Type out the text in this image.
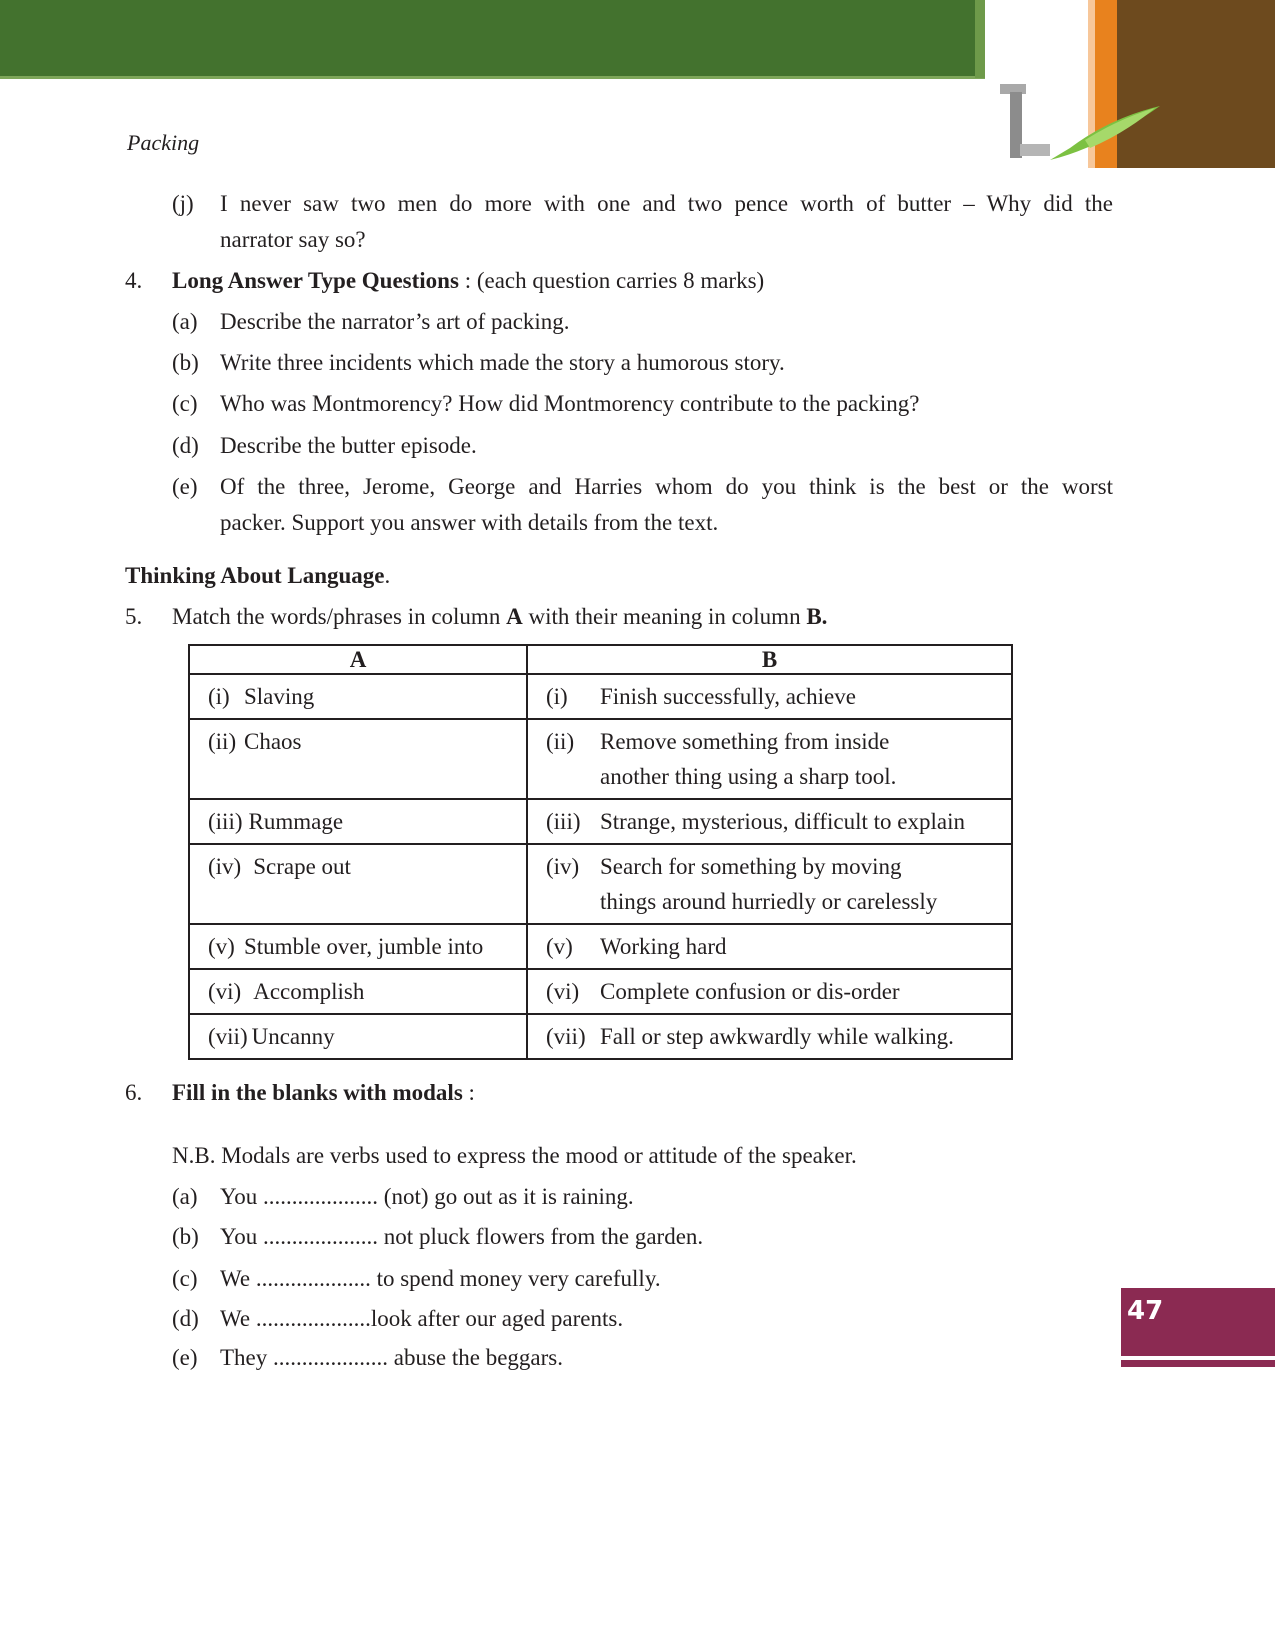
Packing
(j) I never saw two men do more with one and two pence worth of butter – Why did the
narrator say so?
4. Long Answer Type Questions : (each question carries 8 marks)
(a) Describe the narrator’s art of packing.
(b) Write three incidents which made the story a humorous story.
(c) Who was Montmorency? How did Montmorency contribute to the packing?
(d) Describe the butter episode.
(e) Of the three, Jerome, George and Harries whom do you think is the best or the worst
packer. Support you answer with details from the text.
Thinking About Language.
5. Match the words/phrases in column A with their meaning in column B.
A	B

(i) Slaving	(i) Finish successfully, achieve

(ii) Chaos	(ii) Remove something from inside
another thing using a sharp tool.

(iii) Rummage	(iii) Strange, mysterious, difficult to explain

(iv) Scrape out	(iv) Search for something by moving
things around hurriedly or carelessly

(v) Stumble over, jumble into	(v) Working hard

(vi) Accomplish	(vi) Complete confusion or dis-order

(vii) Uncanny	(vii) Fall or step awkwardly while walking.
6. Fill in the blanks with modals :
N.B. Modals are verbs used to express the mood or attitude of the speaker.
(a) You .................... (not) go out as it is raining.
(b) You .................... not pluck flowers from the garden.
(c) We .................... to spend money very carefully.
(d) We ....................look after our aged parents.
(e) They .................... abuse the beggars.
47
